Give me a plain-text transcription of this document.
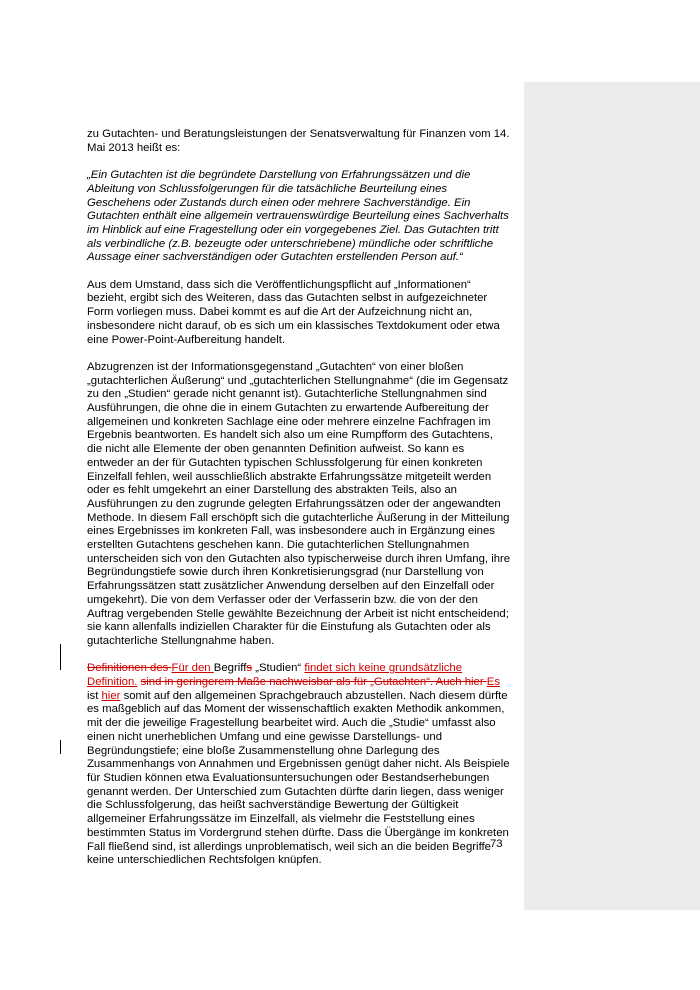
zu Gutachten- und Beratungsleistungen der Senatsverwaltung für Finanzen vom 14. Mai 2013 heißt es:

„Ein Gutachten ist die begründete Darstellung von Erfahrungssätzen und die Ableitung von Schlussfolgerungen für die tatsächliche Beurteilung eines Geschehens oder Zustands durch einen oder mehrere Sachverständige. Ein Gutachten enthält eine allgemein vertrauenswürdige Beurteilung eines Sachverhalts im Hinblick auf eine Fragestellung oder ein vorgegebenes Ziel. Das Gutachten tritt als verbindliche (z.B. bezeugte oder unterschriebene) mündliche oder schriftliche Aussage einer sachverständigen oder Gutachten erstellenden Person auf.“

Aus dem Umstand, dass sich die Veröffentlichungspflicht auf „Informationen“ bezieht, ergibt sich des Weiteren, dass das Gutachten selbst in aufgezeichneter Form vorliegen muss. Dabei kommt es auf die Art der Aufzeichnung nicht an, insbesondere nicht darauf, ob es sich um ein klassisches Textdokument oder etwa eine Power-Point-Aufbereitung handelt.

Abzugrenzen ist der Informationsgegenstand „Gutachten“ von einer bloßen „gutachterlichen Äußerung“ und „gutachterlichen Stellungnahme“ (die im Gegensatz zu den „Studien“ gerade nicht genannt ist). Gutachterliche Stellungnahmen sind Ausführungen, die ohne die in einem Gutachten zu erwartende Aufbereitung der allgemeinen und konkreten Sachlage eine oder mehrere einzelne Fachfragen im Ergebnis beantworten. Es handelt sich also um eine Rumpfform des Gutachtens, die nicht alle Elemente der oben genannten Definition aufweist. So kann es entweder an der für Gutachten typischen Schlussfolgerung für einen konkreten Einzelfall fehlen, weil ausschließlich abstrakte Erfahrungssätze mitgeteilt werden oder es fehlt umgekehrt an einer Darstellung des abstrakten Teils, also an Ausführungen zu den zugrunde gelegten Erfahrungssätzen oder der angewandten Methode. In diesem Fall erschöpft sich die gutachterliche Äußerung in der Mitteilung eines Ergebnisses im konkreten Fall, was insbesondere auch in Ergänzung eines erstellten Gutachtens geschehen kann. Die gutachterlichen Stellungnahmen unterscheiden sich von den Gutachten also typischerweise durch ihren Umfang, ihre Begründungstiefe sowie durch ihren Konkretisierungsgrad (nur Darstellung von Erfahrungssätzen statt zusätzlicher Anwendung derselben auf den Einzelfall oder umgekehrt). Die von dem Verfasser oder der Verfasserin bzw. die von der den Auftrag vergebenden Stelle gewählte Bezeichnung der Arbeit ist nicht entscheidend; sie kann allenfalls indiziellen Charakter für die Einstufung als Gutachten oder als gutachterliche Stellungnahme haben.

Definitionen des Für den Begriffs „Studien“ findet sich keine grundsätzliche Definition. sind in geringerem Maße nachweisbar als für „Gutachten“. Auch hier Es ist hier somit auf den allgemeinen Sprachgebrauch abzustellen. Nach diesem dürfte es maßgeblich auf das Moment der wissenschaftlich exakten Methodik ankommen, mit der die jeweilige Fragestellung bearbeitet wird. Auch die „Studie“ umfasst also einen nicht unerheblichen Umfang und eine gewisse Darstellungs- und Begründungstiefe; eine bloße Zusammenstellung ohne Darlegung des Zusammenhangs von Annahmen und Ergebnissen genügt daher nicht. Als Beispiele für Studien können etwa Evaluationsuntersuchungen oder Bestandserhebungen genannt werden. Der Unterschied zum Gutachten dürfte darin liegen, dass weniger die Schlussfolgerung, das heißt sachverständige Bewertung der Gültigkeit allgemeiner Erfahrungssätze im Einzelfall, als vielmehr die Feststellung eines bestimmten Status im Vordergrund stehen dürfte. Dass die Übergänge im konkreten Fall fließend sind, ist allerdings unproblematisch, weil sich an die beiden Begriffe keine unterschiedlichen Rechtsfolgen knüpfen.

73
